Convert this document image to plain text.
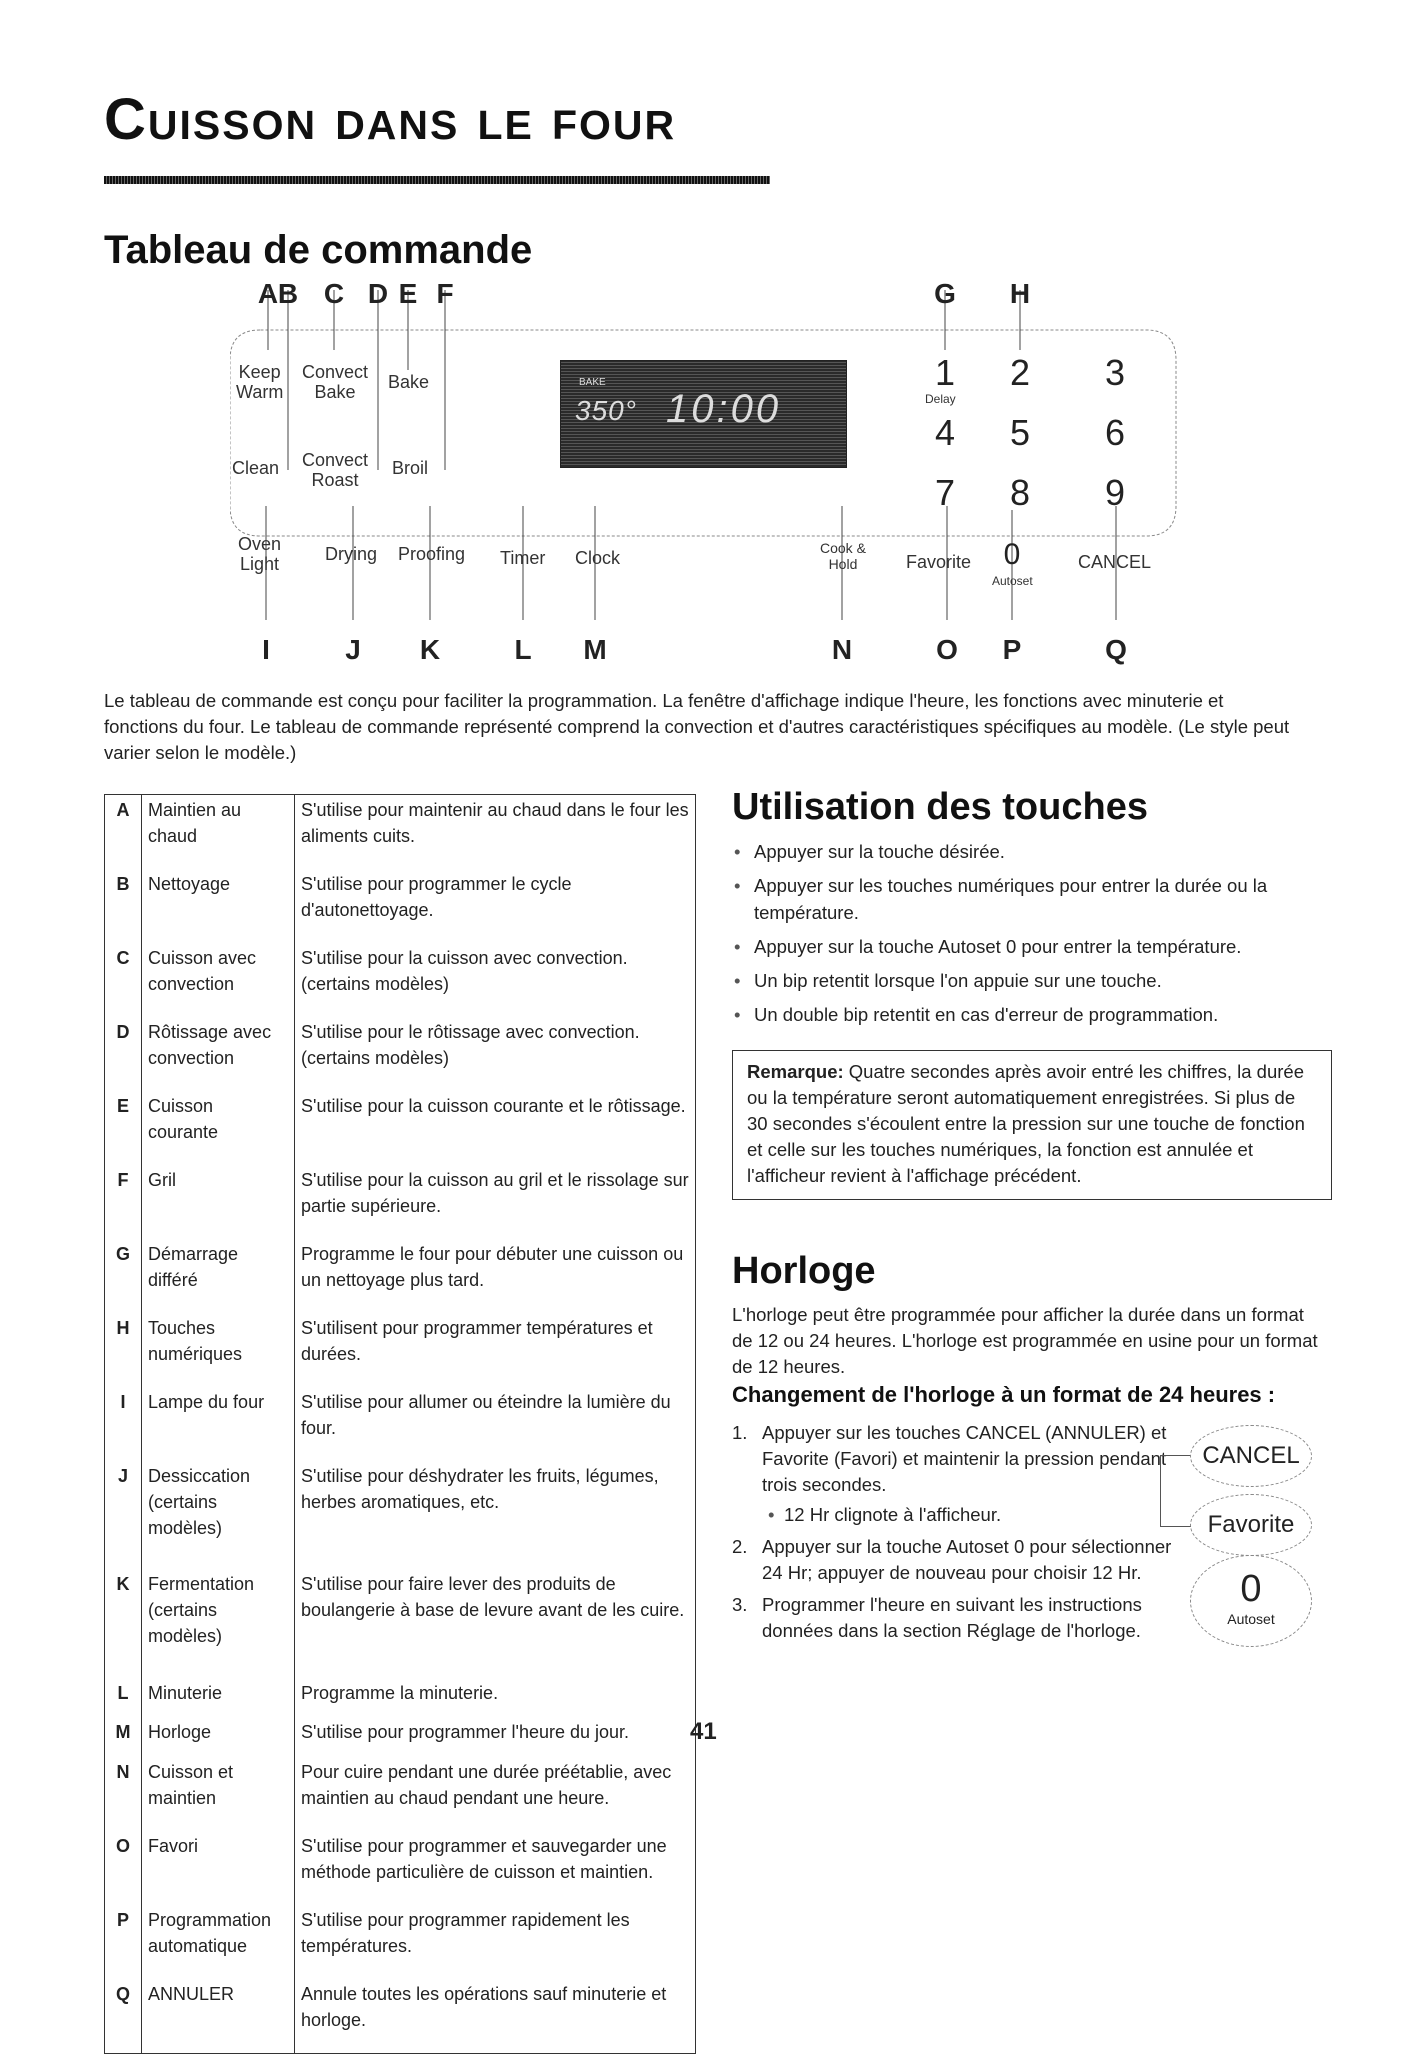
Cuisson dans le four
Tableau de commande
A B C D E F	G H
Keep
Warm
Convect
Bake	Bake
Clean Convect
Roast
Broil
BAKE
350° 10:00
1
Delay
2 3
4 5 6
7 8 9
Oven
Light	Drying Proofing Timer Clock	Cook &
Hold	Favorite	0
Autoset
CANCEL
I	J K	L M	N	O P	Q

Le tableau de commande est conçu pour faciliter la programmation. La fenêtre d'affichage indique l'heure, les fonctions avec minuterie et fonctions du four. Le tableau de commande représenté comprend la convection et d'autres caractéristiques spécifiques au modèle. (Le style peut varier selon le modèle.)

A	Maintien au chaud	S'utilise pour maintenir au chaud dans le four les aliments cuits.
B	Nettoyage	S'utilise pour programmer le cycle d'autonettoyage.
C	Cuisson avec convection	S'utilise pour la cuisson avec convection. (certains modèles)
D	Rôtissage avec convection	S'utilise pour le rôtissage avec convection. (certains modèles)
E	Cuisson courante	S'utilise pour la cuisson courante et le rôtissage.
F	Gril	S'utilise pour la cuisson au gril et le rissolage sur partie supérieure.
G	Démarrage différé	Programme le four pour débuter une cuisson ou un nettoyage plus tard.
H	Touches numériques	S'utilisent pour programmer températures et durées.
I	Lampe du four	S'utilise pour allumer ou éteindre la lumière du four.
J	Dessiccation (certains modèles)	S'utilise pour déshydrater les fruits, légumes, herbes aromatiques, etc.
K	Fermentation (certains modèles)	S'utilise pour faire lever des produits de boulangerie à base de levure avant de les cuire.
L	Minuterie	Programme la minuterie.
M	Horloge	S'utilise pour programmer l'heure du jour.
N	Cuisson et maintien	Pour cuire pendant une durée préétablie, avec maintien au chaud pendant une heure.
O	Favori	S'utilise pour programmer et sauvegarder une méthode particulière de cuisson et maintien.
P	Programmation automatique	S'utilise pour programmer rapidement les températures.
Q	ANNULER	Annule toutes les opérations sauf minuterie et horloge.
Utilisation des touches
• Appuyer sur la touche désirée.
• Appuyer sur les touches numériques pour entrer la durée ou la température.
• Appuyer sur la touche Autoset 0 pour entrer la température.
• Un bip retentit lorsque l'on appuie sur une touche.
• Un double bip retentit en cas d'erreur de programmation.
Remarque: Quatre secondes après avoir entré les chiffres, la durée ou la température seront automatiquement enregistrées. Si plus de 30 secondes s'écoulent entre la pression sur une touche de fonction et celle sur les touches numériques, la fonction est annulée et l'afficheur revient à l'affichage précédent.
Horloge

L'horloge peut être programmée pour afficher la durée dans un format de 12 ou 24 heures. L'horloge est programmée en usine pour un format de 12 heures.

Changement de l'horloge à un format de 24 heures :
1. Appuyer sur les touches CANCEL (ANNULER) et Favorite (Favori) et maintenir la pression pendant trois secondes.
• 12 Hr clignote à l'afficheur.
2. Appuyer sur la touche Autoset 0 pour sélectionner 24 Hr; appuyer de nouveau pour choisir 12 Hr.
3. Programmer l'heure en suivant les instructions données dans la section Réglage de l'horloge.
CANCEL
Favorite
0
Autoset
41
